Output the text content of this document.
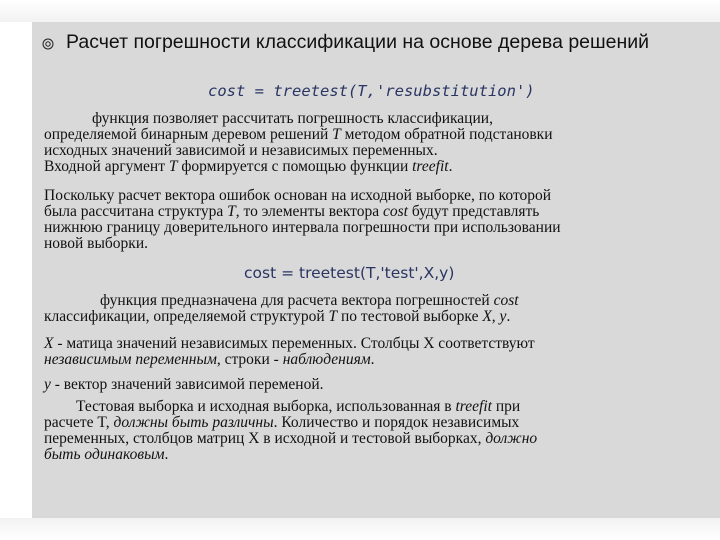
Расчет погрешности классификации на основе дерева решений
cost = treetest(T,'resubstitution')
функция позволяет рассчитать погрешность классификации,
определяемой бинарным деревом решений T методом обратной подстановки
исходных значений зависимой и независимых переменных.
Входной аргумент T формируется с помощью функции treefit.
Поскольку расчет вектора ошибок основан на исходной выборке, по которой
была рассчитана структура T, то элементы вектора cost будут представлять
нижнюю границу доверительного интервала погрешности при использовании
новой выборки.
cost = treetest(T,'test',X,y)
функция предназначена для расчета вектора погрешностей cost
классификации, определяемой структурой T по тестовой выборке X, y.
X - матица значений независимых переменных. Столбцы X соответствуют
независимым переменным, строки - наблюдениям.
y - вектор значений зависимой переменой.
Тестовая выборка и исходная выборка, использованная в treefit при
расчете T, должны быть различны. Количество и порядок независимых
переменных, столбцов матриц X в исходной и тестовой выборках, должно
быть одинаковым.
